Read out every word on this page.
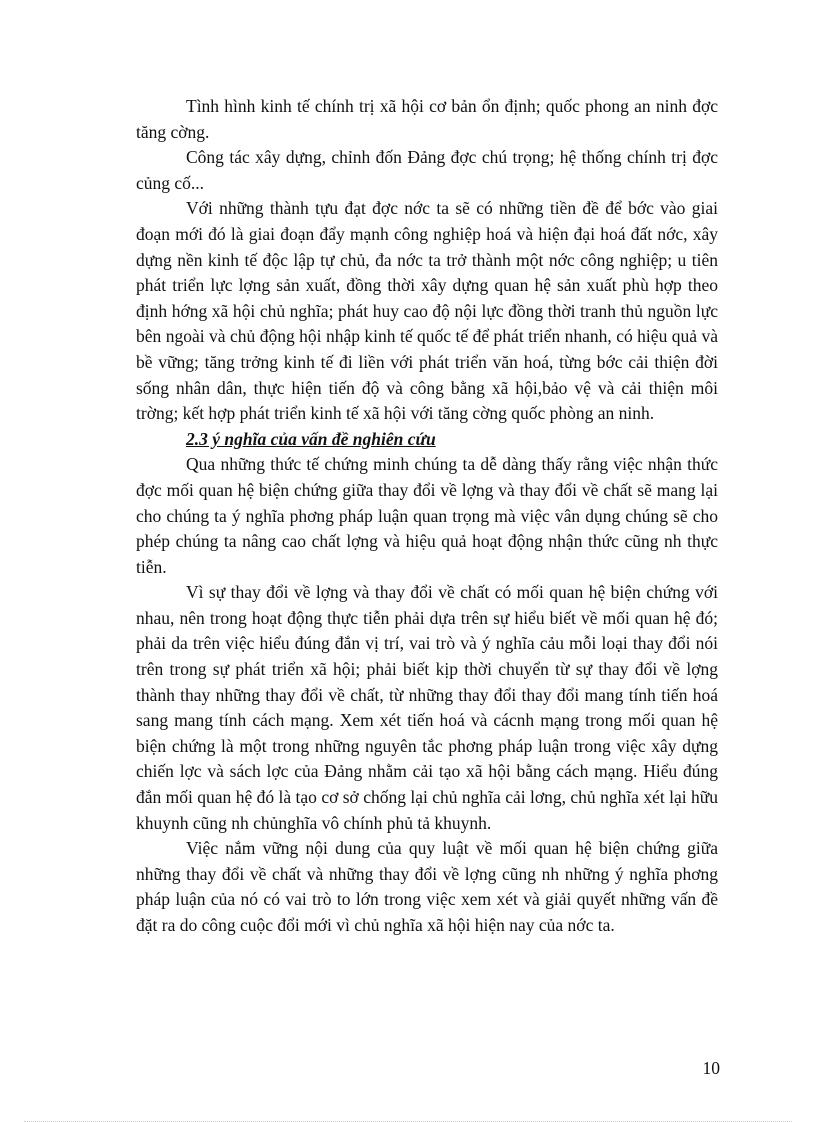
Tình hình kinh tế chính trị xã hội cơ bản ổn định; quốc phong an ninh đợc tăng cờng.

Công tác xây dựng, chỉnh đốn Đảng đợc chú trọng; hệ thống chính trị đợc củng cố...

Với những thành tựu đạt đợc nớc ta sẽ có những tiền đề để bớc vào giai đoạn mới đó là giai đoạn đẩy mạnh công nghiệp hoá và hiện đại hoá đất nớc, xây dựng nền kinh tế độc lập tự chủ, đa nớc ta trở thành một nớc công nghiệp; u tiên phát triển lực lợng sản xuất, đồng thời xây dựng quan hệ sản xuất phù hợp theo định hớng xã hội chủ nghĩa; phát huy cao độ nội lực đồng thời tranh thủ nguồn lực bên ngoài và chủ động hội nhập kinh tế quốc tế để phát triển nhanh, có hiệu quả và bề vững; tăng trởng kinh tế đi liền với phát triển văn hoá, từng bớc cải thiện đời sống nhân dân, thực hiện tiến độ và công bằng xã hội,bảo vệ và cải thiện môi trờng; kết hợp phát triển kinh tế xã hội với tăng cờng quốc phòng an ninh.

2.3 ý nghĩa của vấn đề nghiên cứu

Qua những thức tế chứng minh chúng ta dễ dàng thấy rằng việc nhận thức đợc mối quan hệ biện chứng giữa thay đổi về lợng và thay đổi về chất sẽ mang lại cho chúng ta ý nghĩa phơng pháp luận quan trọng mà việc vân dụng chúng sẽ cho phép chúng ta nâng cao chất lợng và hiệu quả hoạt động nhận thức cũng nh thực tiễn.

Vì sự thay đổi về lợng và thay đổi về chất có mối quan hệ biện chứng với nhau, nên trong hoạt động thực tiễn phải dựa trên sự hiểu biết về mối quan hệ đó; phải da trên việc hiểu đúng đắn vị trí, vai trò và ý nghĩa cảu mỗi loại thay đổi nói trên trong sự phát triển xã hội; phải biết kịp thời chuyển từ sự thay đổi về lợng thành thay những thay đổi về chất, từ những thay đổi thay đổi mang tính tiến hoá sang mang tính cách mạng. Xem xét tiến hoá và cácnh mạng trong mối quan hệ biện chứng là một trong những nguyên tắc phơng pháp luận trong việc xây dựng chiến lợc và sách lợc của Đảng nhằm cải tạo xã hội bằng cách mạng. Hiểu đúng đắn mối quan hệ đó là tạo cơ sở chống lại chủ nghĩa cải lơng, chủ nghĩa xét lại hữu khuynh cũng nh chủnghĩa vô chính phủ tả khuynh.

Việc nắm vững nội dung của quy luật về mối quan hệ biện chứng giữa những thay đổi về chất và những thay đổi về lợng cũng nh những ý nghĩa phơng pháp luận của nó có vai trò to lớn trong việc xem xét và giải quyết những vấn đề đặt ra do công cuộc đổi mới vì chủ nghĩa xã hội hiện nay của nớc ta.

10
